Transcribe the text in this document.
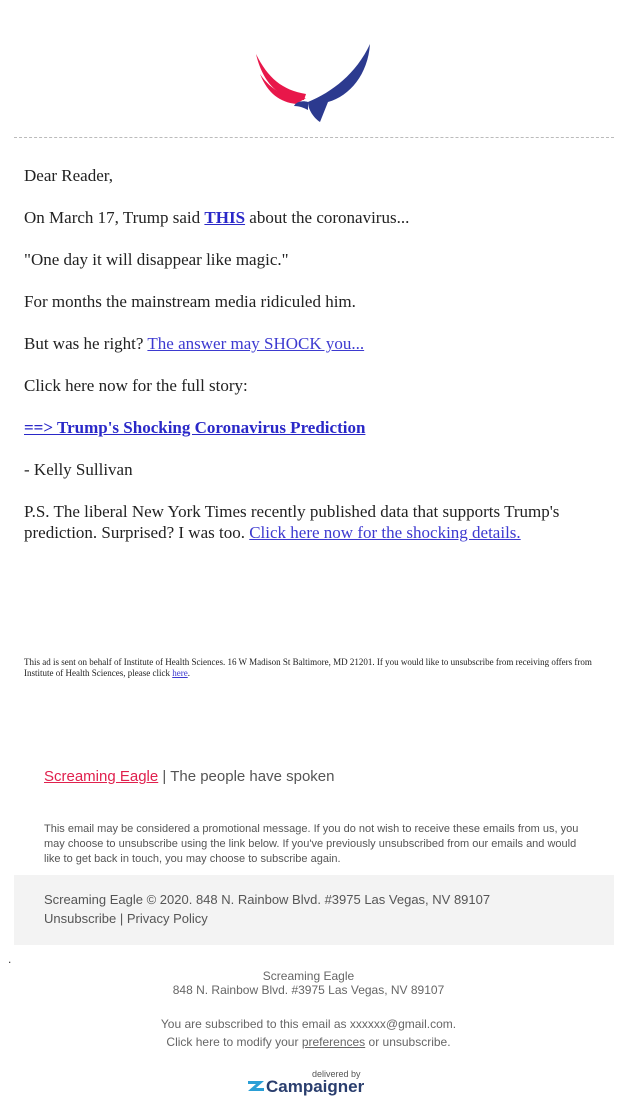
Dear Reader,

On March 17, Trump said THIS about the coronavirus...

"One day it will disappear like magic."

For months the mainstream media ridiculed him.

But was he right? The answer may SHOCK you...

Click here now for the full story:

==> Trump's Shocking Coronavirus Prediction

- Kelly Sullivan

P.S. The liberal New York Times recently published data that supports Trump's prediction. Surprised? I was too. Click here now for the shocking details.

This ad is sent on behalf of Institute of Health Sciences. 16 W Madison St Baltimore, MD 21201. If you would like to unsubscribe from receiving offers from Institute of Health Sciences, please click here.
Screaming Eagle | The people have spoken
This email may be considered a promotional message. If you do not wish to receive these emails from us, you may choose to unsubscribe using the link below. If you've previously unsubscribed from our emails and would like to get back in touch, you may choose to subscribe again.
Screaming Eagle © 2020. 848 N. Rainbow Blvd. #3975 Las Vegas, NV 89107
Unsubscribe | Privacy Policy
.
Screaming Eagle
848 N. Rainbow Blvd. #3975 Las Vegas, NV 89107
You are subscribed to this email as xxxxxx@gmail.com.
Click here to modify your preferences or unsubscribe.
delivered by
Campaigner
